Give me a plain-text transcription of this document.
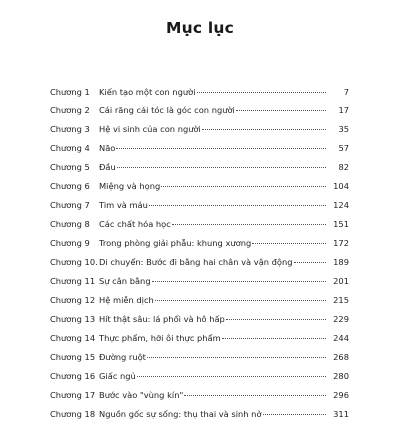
Mục lục
Chương 1	Kiến tạo một con người	7
Chương 2	Cái răng cái tóc là góc con người	17
Chương 3	Hệ vi sinh của con người	35
Chương 4	Não	57
Chương 5	Đầu	82
Chương 6	Miệng và họng	104
Chương 7	Tim và máu	124
Chương 8	Các chất hóa học	151
Chương 9	Trong phòng giải phẫu: khung xương	172
Chương 10. Di chuyển: Bước đi bằng hai chân và vận động	189
Chương 11 Sự cân bằng	201
Chương 12 Hệ miễn dịch	215
Chương 13 Hít thật sâu: lá phổi và hô hấp	229
Chương 14 Thực phẩm, hỡi ôi thực phẩm	244
Chương 15 Đường ruột	268
Chương 16 Giấc ngủ	280
Chương 17 Bước vào "vùng kín"	296
Chương 18 Nguồn gốc sự sống: thụ thai và sinh nở	311
